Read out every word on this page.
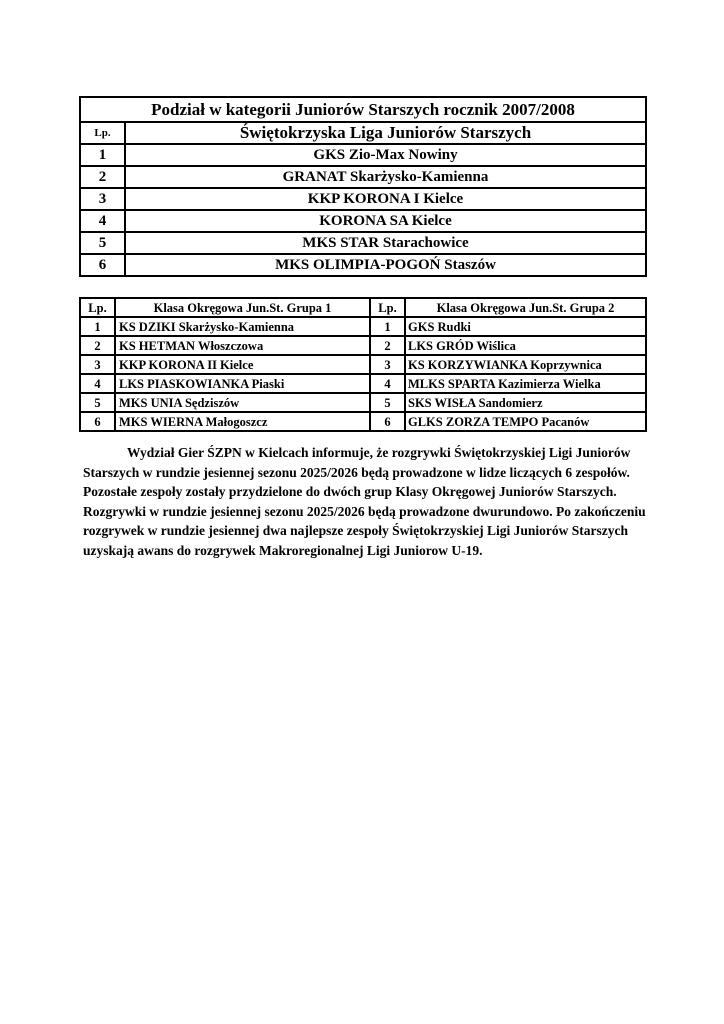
Podział w kategorii Juniorów Starszych rocznik 2007/2008	
Lp.	Świętokrzyska Liga Juniorów Starszych
1	GKS Zio-Max Nowiny
2	GRANAT Skarżysko-Kamienna
3	KKP KORONA I Kielce
4	KORONA SA Kielce
5	MKS STAR Starachowice
6	MKS OLIMPIA-POGOŃ Staszów
Lp.	Klasa Okręgowa Jun.St. Grupa 1	Lp.	Klasa Okręgowa Jun.St. Grupa 2
1	KS DZIKI Skarżysko-Kamienna	1	GKS Rudki
2	KS HETMAN Włoszczowa	2	LKS GRÓD Wiślica
3	KKP KORONA II Kielce	3	KS KORZYWIANKA Koprzywnica
4	LKS PIASKOWIANKA Piaski	4	MLKS SPARTA Kazimierza Wielka
5	MKS UNIA Sędziszów	5	SKS WISŁA Sandomierz
6	MKS WIERNA Małogoszcz	6	GLKS ZORZA TEMPO Pacanów

Wydział Gier ŚZPN w Kielcach informuje, że rozgrywki Świętokrzyskiej Ligi Juniorów Starszych w rundzie jesiennej sezonu 2025/2026 będą prowadzone w lidze liczących 6 zespołów. Pozostałe zespoły zostały przydzielone do dwóch grup Klasy Okręgowej Juniorów Starszych. Rozgrywki w rundzie jesiennej sezonu 2025/2026 będą prowadzone dwurundowo. Po zakończeniu rozgrywek w rundzie jesiennej dwa najlepsze zespoły Świętokrzyskiej Ligi Juniorów Starszych uzyskają awans do rozgrywek Makroregionalnej Ligi Juniorow U-19.
